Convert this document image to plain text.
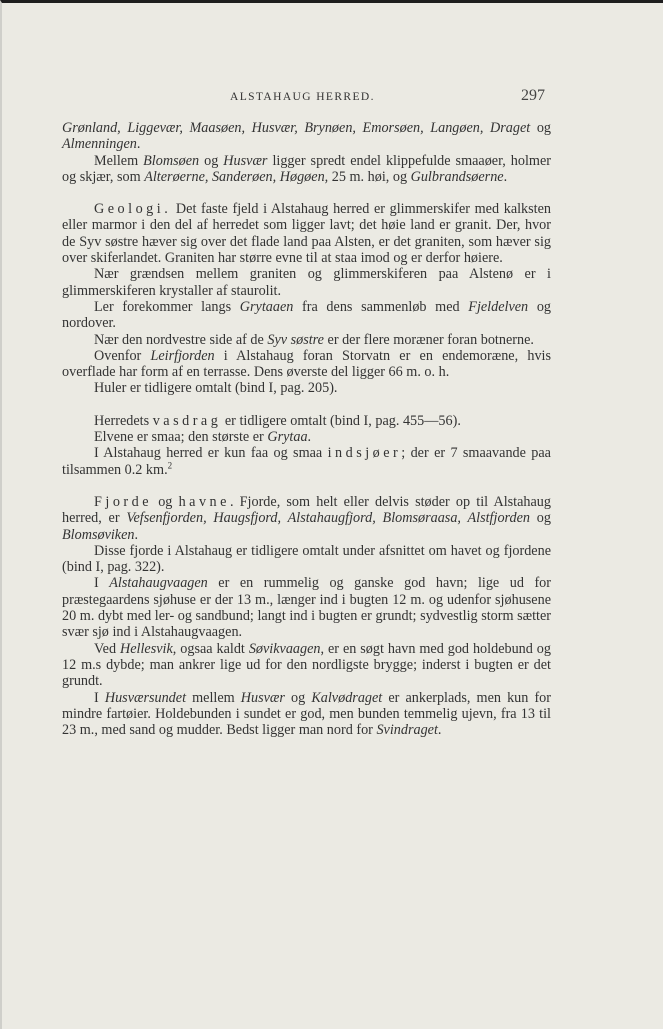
ALSTAHAUG HERRED.	297

Grønland, Liggevær, Maasøen, Husvær, Brynøen, Emorsøen, Langøen, Draget og Almenningen.

Mellem Blomsøen og Husvær ligger spredt endel klippefulde smaaøer, holmer og skjær, som Alterøerne, Sanderøen, Høgøen, 25 m. høi, og Gulbrandsøerne.

Geologi. Det faste fjeld i Alstahaug herred er glimmerskifer med kalksten eller marmor i den del af herredet som ligger lavt; det høie land er granit. Der, hvor de Syv søstre hæver sig over det flade land paa Alsten, er det graniten, som hæver sig over skiferlandet. Graniten har større evne til at staa imod og er derfor høiere.

Nær grændsen mellem graniten og glimmerskiferen paa Alstenø er i glimmerskiferen krystaller af staurolit.

Ler forekommer langs Grytaaen fra dens sammenløb med Fjeldelven og nordover.

Nær den nordvestre side af de Syv søstre er der flere moræner foran botnerne.

Ovenfor Leirfjorden i Alstahaug foran Storvatn er en endemoræne, hvis overflade har form af en terrasse. Dens øverste del ligger 66 m. o. h.

Huler er tidligere omtalt (bind I, pag. 205).

Herredets vasdrag er tidligere omtalt (bind I, pag. 455—56).

Elvene er smaa; den største er Grytaa.

I Alstahaug herred er kun faa og smaa indsjøer; der er 7 smaavande paa tilsammen 0.2 km.$^2$

Fjorde og havne. Fjorde, som helt eller delvis støder op til Alstahaug herred, er Vefsenfjorden, Haugsfjord, Alstahaugfjord, Blomsøraasa, Alstfjorden og Blomsøviken.

Disse fjorde i Alstahaug er tidligere omtalt under afsnittet om havet og fjordene (bind I, pag. 322).

I Alstahaugvaagen er en rummelig og ganske god havn; lige ud for præstegaardens sjøhuse er der 13 m., længer ind i bugten 12 m. og udenfor sjøhusene 20 m. dybt med ler- og sandbund; langt ind i bugten er grundt; sydvestlig storm sætter svær sjø ind i Alstahaugvaagen.

Ved Hellesvik, ogsaa kaldt Søvikvaagen, er en søgt havn med god holdebund og 12 m.s dybde; man ankrer lige ud for den nordligste brygge; inderst i bugten er det grundt.

I Husværsundet mellem Husvær og Kalvødraget er ankerplads, men kun for mindre fartøier. Holdebunden i sundet er god, men bunden temmelig ujevn, fra 13 til 23 m., med sand og mudder. Bedst ligger man nord for Svindraget.
